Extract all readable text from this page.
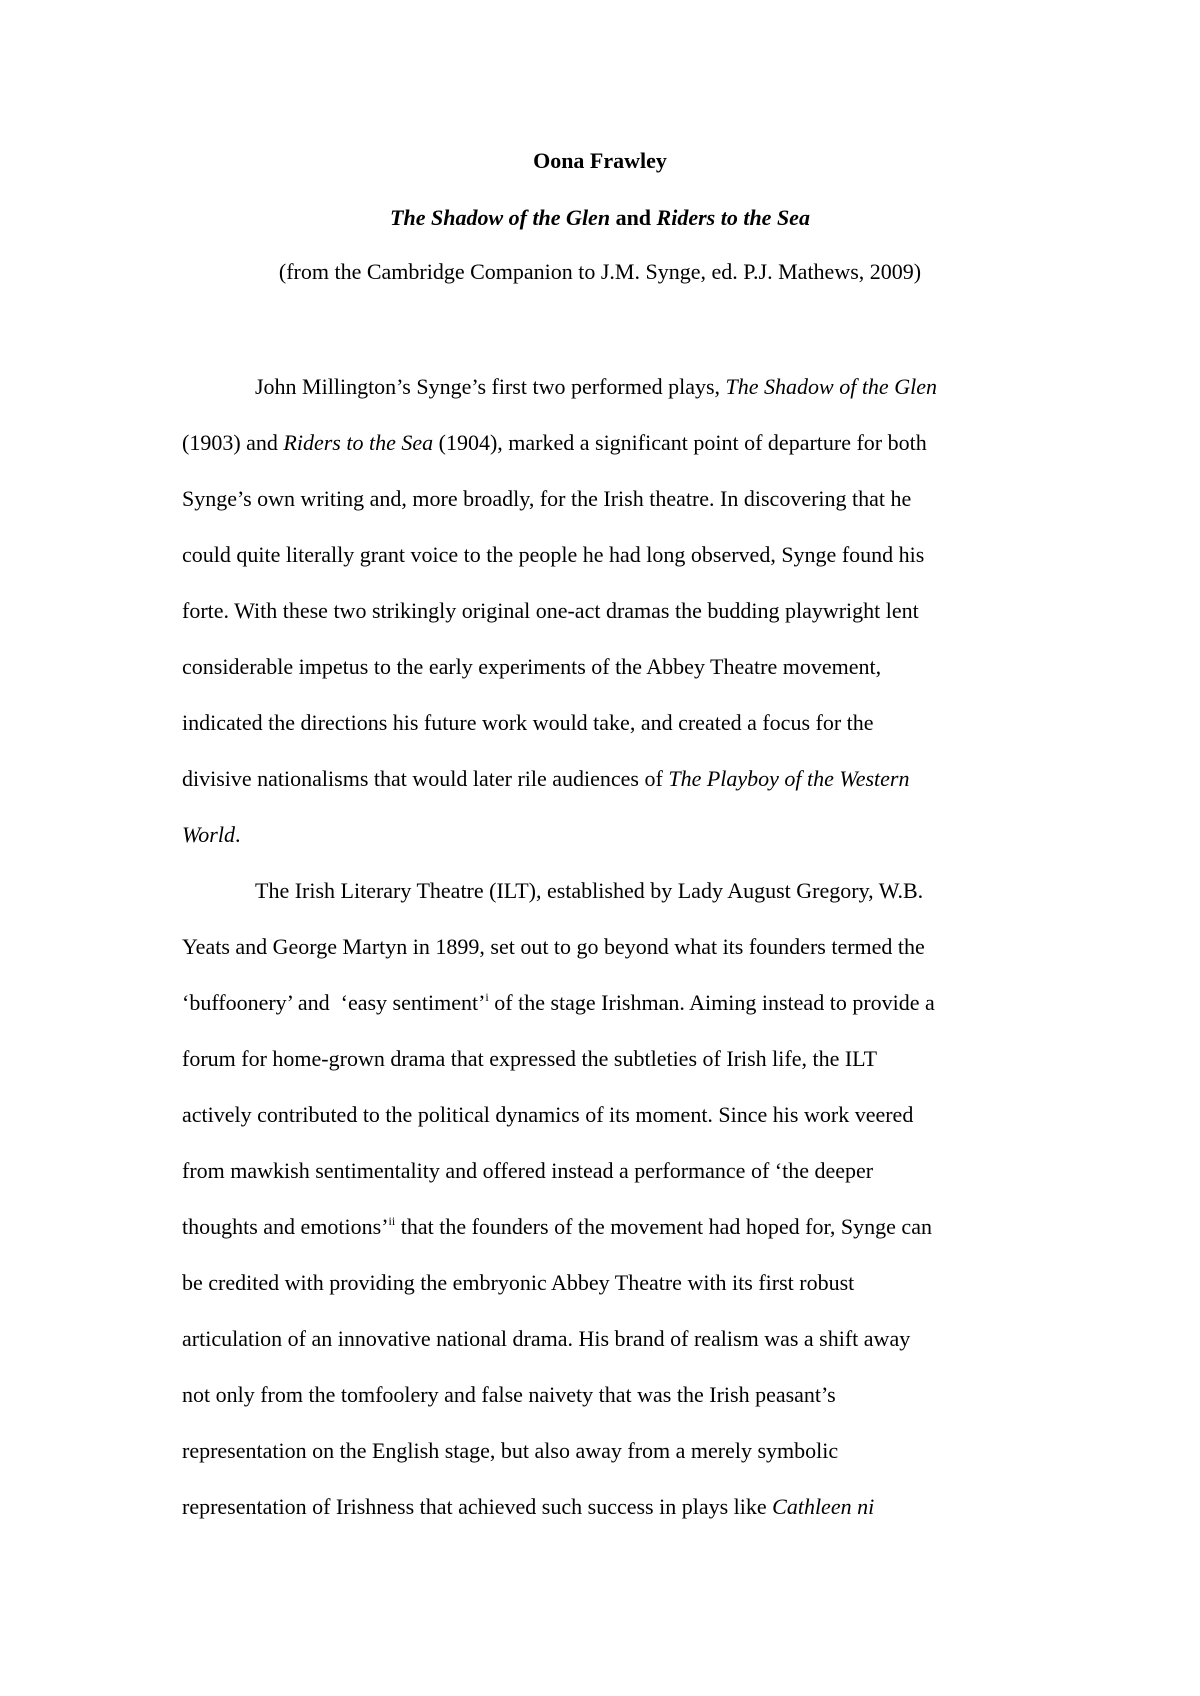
Oona Frawley
The Shadow of the Glen and Riders to the Sea
(from the Cambridge Companion to J.M. Synge, ed. P.J. Mathews, 2009)
John Millington’s Synge’s first two performed plays, The Shadow of the Glen
(1903) and Riders to the Sea (1904), marked a significant point of departure for both
Synge’s own writing and, more broadly, for the Irish theatre. In discovering that he
could quite literally grant voice to the people he had long observed, Synge found his
forte. With these two strikingly original one-act dramas the budding playwright lent
considerable impetus to the early experiments of the Abbey Theatre movement,
indicated the directions his future work would take, and created a focus for the
divisive nationalisms that would later rile audiences of The Playboy of the Western
World.
The Irish Literary Theatre (ILT), established by Lady August Gregory, W.B.
Yeats and George Martyn in 1899, set out to go beyond what its founders termed the
‘buffoonery’ and  ‘easy sentiment’$^i$ of the stage Irishman. Aiming instead to provide a
forum for home-grown drama that expressed the subtleties of Irish life, the ILT
actively contributed to the political dynamics of its moment. Since his work veered
from mawkish sentimentality and offered instead a performance of ‘the deeper
thoughts and emotions’$^{ii}$ that the founders of the movement had hoped for, Synge can
be credited with providing the embryonic Abbey Theatre with its first robust
articulation of an innovative national drama. His brand of realism was a shift away
not only from the tomfoolery and false naivety that was the Irish peasant’s
representation on the English stage, but also away from a merely symbolic
representation of Irishness that achieved such success in plays like Cathleen ni
